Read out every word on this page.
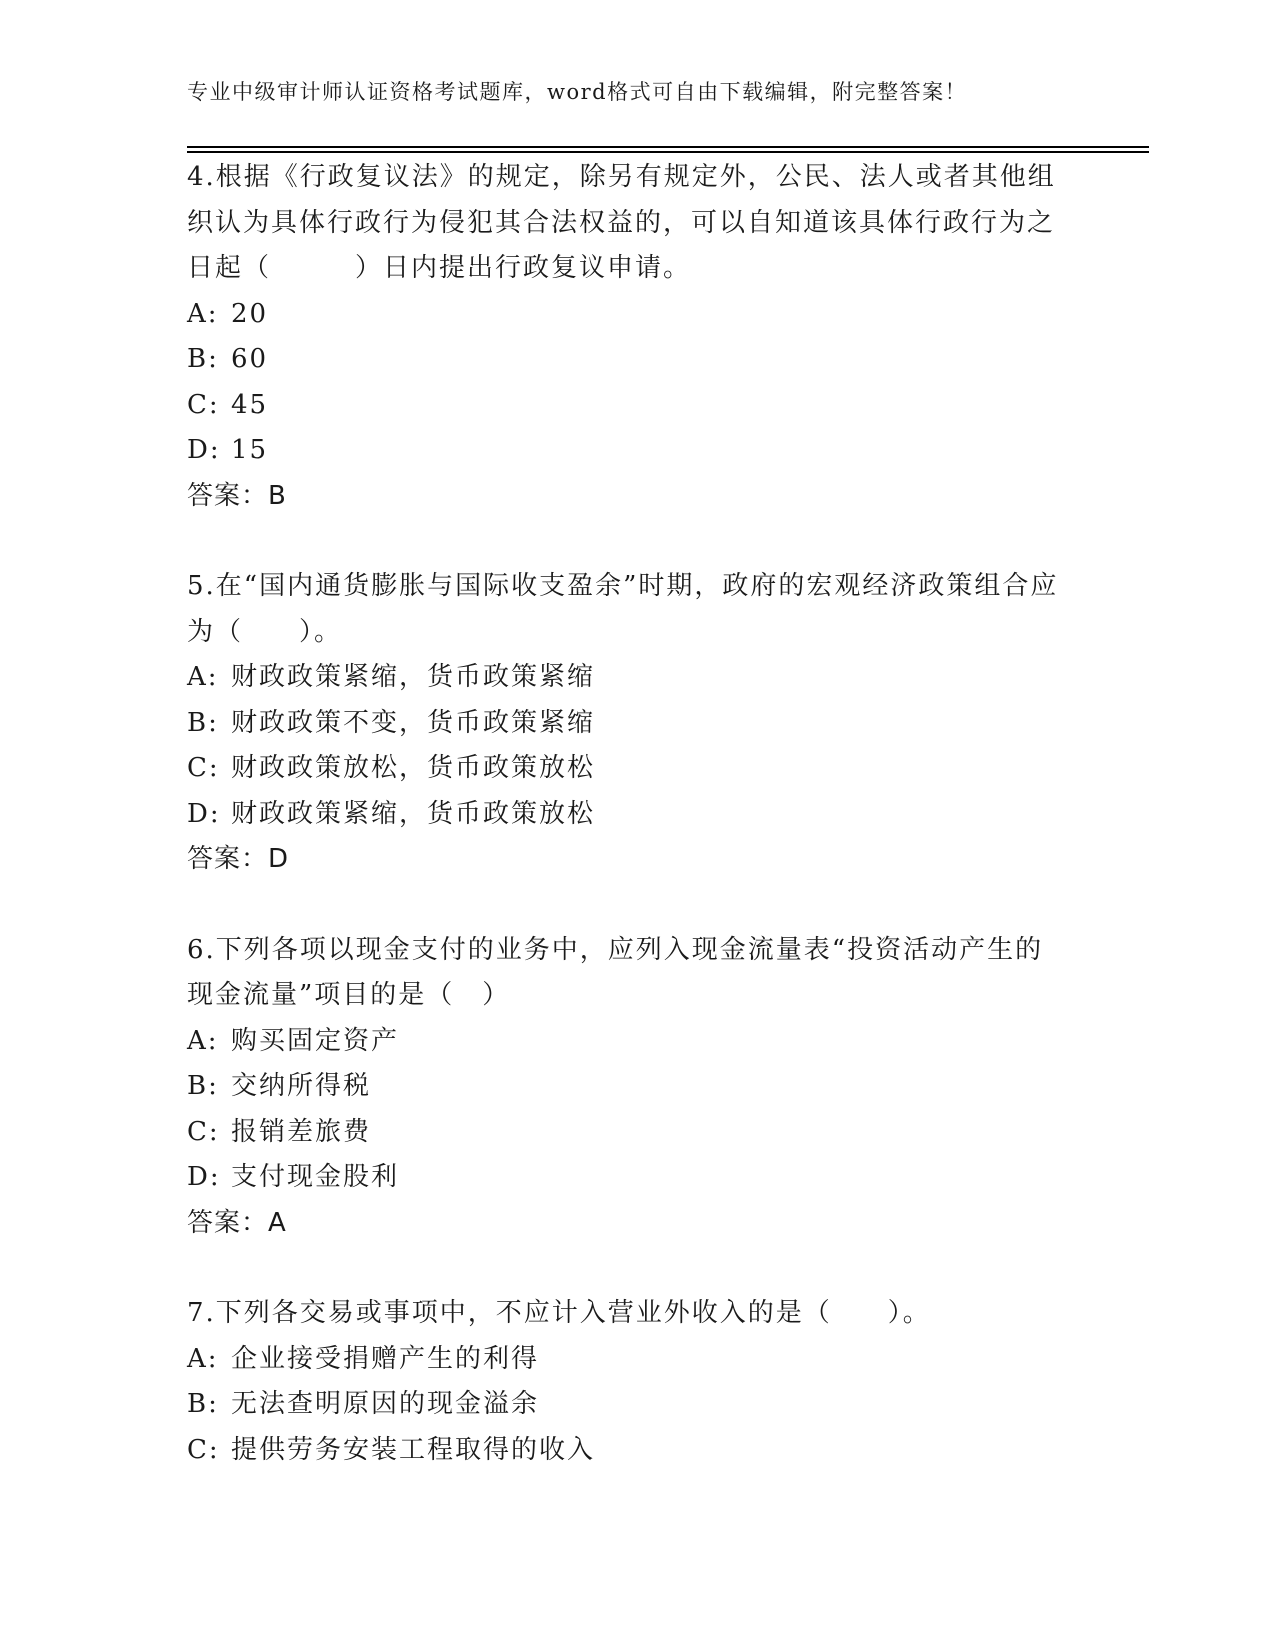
专业中级审计师认证资格考试题库，word格式可自由下载编辑，附完整答案！

4.根据《行政复议法》的规定，除另有规定外，公民、法人或者其他组织认为具体行政行为侵犯其合法权益的，可以自知道该具体行政行为之日起（　　　）日内提出行政复议申请。

A: 20
B: 60
C: 45
D: 15
答案：B

5.在“国内通货膨胀与国际收支盈余”时期，政府的宏观经济政策组合应为（　　）。

A: 财政政策紧缩，货币政策紧缩
B: 财政政策不变，货币政策紧缩
C: 财政政策放松，货币政策放松
D: 财政政策紧缩，货币政策放松
答案：D

6.下列各项以现金支付的业务中，应列入现金流量表“投资活动产生的现金流量”项目的是（　）

A: 购买固定资产
B: 交纳所得税
C: 报销差旅费
D: 支付现金股利
答案：A

7.下列各交易或事项中，不应计入营业外收入的是（　　）。

A: 企业接受捐赠产生的利得
B: 无法查明原因的现金溢余
C: 提供劳务安装工程取得的收入
